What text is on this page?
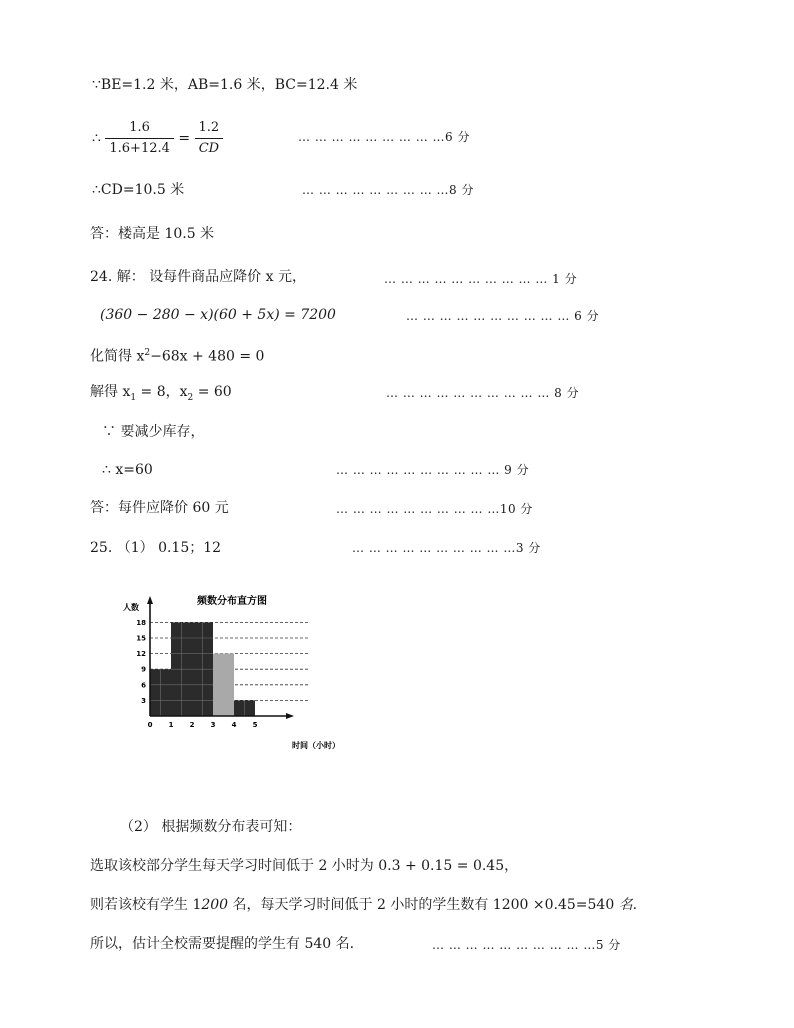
∵BE=1.2 米，AB=1.6 米，BC=12.4 米
∴ $\frac{1.6}{1.6+12.4} = \frac{1.2}{CD}$	… … … … … … … … …6 分
∴CD=10.5 米	… … … … … … … … …8 分
答：楼高是 10.5 米
24. 解： 设每件商品应降价 x 元，	… … … … … … … … … … 1 分
(360 − 280 − x)(60 + 5x) = 7200	… … … … … … … … … … 6 分
化简得 $x^2-68x + 480 = 0$
解得 $x_1 = 8$，$x_2 = 60$	… … … … … … … … … … 8 分
∵ 要减少库存，
∴ x=60	… … … … … … … … … … 9 分
答：每件应降价 60 元	… … … … … … … … … …10 分
25. （1） 0.15；12	… … … … … … … … … …3 分
0 1 2 3 4 5
3
6
9
12
15
18
频数分布直方图
人数
时间（小时）
（2） 根据频数分布表可知：
选取该校部分学生每天学习时间低于 2 小时为 0.3 + 0.15 = 0.45，
则若该校有学生 1200 名，每天学习时间低于 2 小时的学生数有 1200 ×0.45=540 名.
所以，估计全校需要提醒的学生有 540 名.	… … … … … … … … … …5 分
